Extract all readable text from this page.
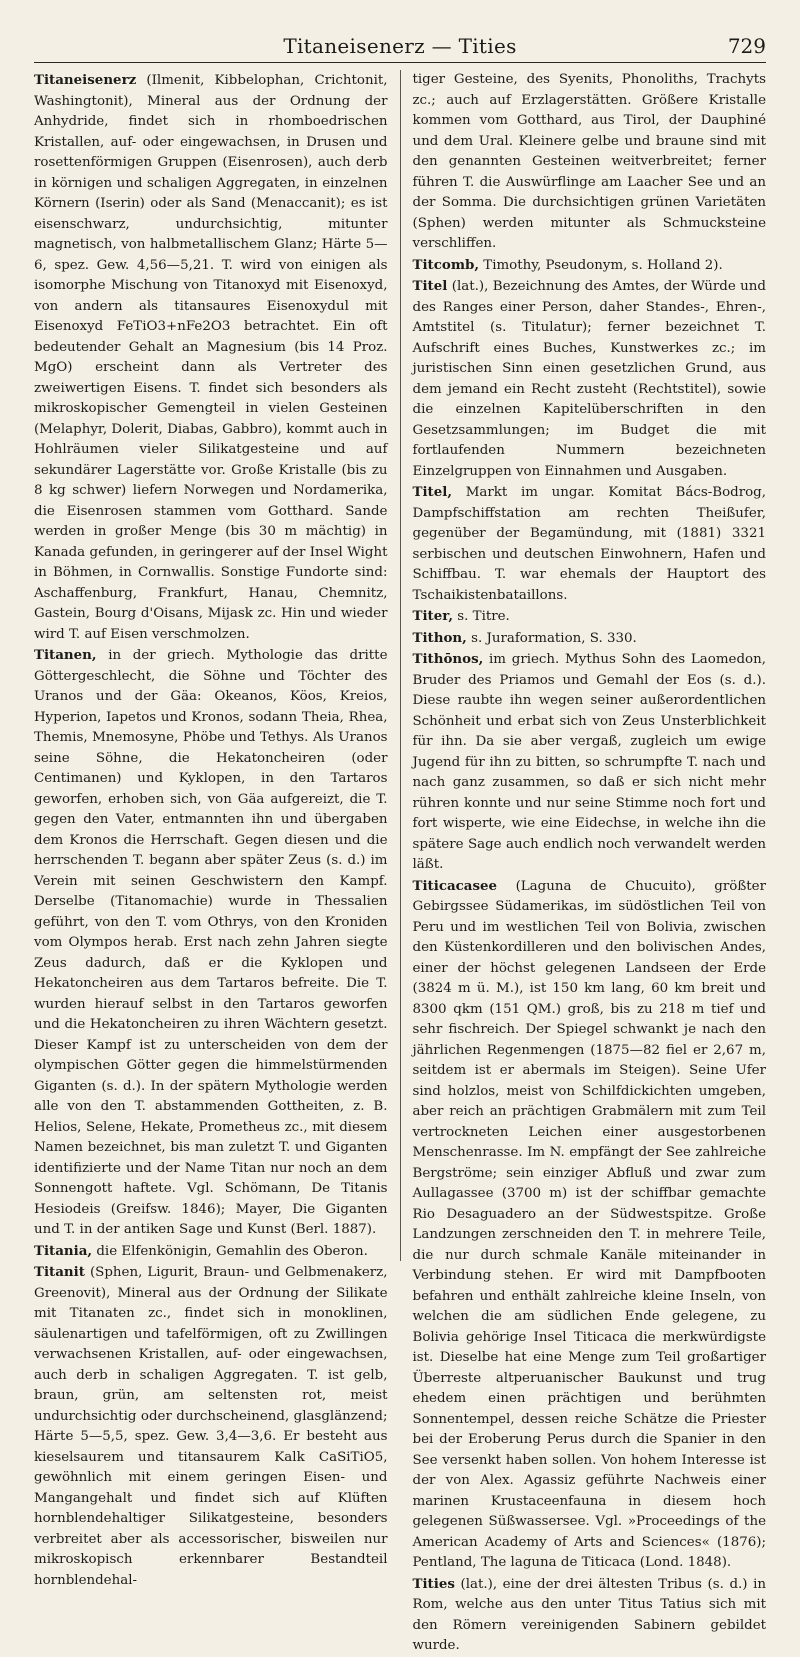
Titaneisenerz — Tities	729

Titaneisenerz (Ilmenit, Kibbelophan, Crichtonit, Washingtonit), Mineral aus der Ordnung der Anhydride, findet sich in rhomboedrischen Kristallen, auf- oder eingewachsen, in Drusen und rosettenförmigen Gruppen (Eisenrosen), auch derb in körnigen und schaligen Aggregaten, in einzelnen Körnern (Iserin) oder als Sand (Menaccanit); es ist eisenschwarz, undurchsichtig, mitunter magnetisch, von halbmetallischem Glanz; Härte 5—6, spez. Gew. 4,56—5,21. T. wird von einigen als isomorphe Mischung von Titanoxyd mit Eisenoxyd, von andern als titansaures Eisenoxydul mit Eisenoxyd FeTiO3+nFe2O3 betrachtet. Ein oft bedeutender Gehalt an Magnesium (bis 14 Proz. MgO) erscheint dann als Vertreter des zweiwertigen Eisens. T. findet sich besonders als mikroskopischer Gemengteil in vielen Gesteinen (Melaphyr, Dolerit, Diabas, Gabbro), kommt auch in Hohlräumen vieler Silikatgesteine und auf sekundärer Lagerstätte vor. Große Kristalle (bis zu 8 kg schwer) liefern Norwegen und Nordamerika, die Eisenrosen stammen vom Gotthard. Sande werden in großer Menge (bis 30 m mächtig) in Kanada gefunden, in geringerer auf der Insel Wight in Böhmen, in Cornwallis. Sonstige Fundorte sind: Aschaffenburg, Frankfurt, Hanau, Chemnitz, Gastein, Bourg d'Oisans, Mijask zc. Hin und wieder wird T. auf Eisen verschmolzen.

Titanen, in der griech. Mythologie das dritte Göttergeschlecht, die Söhne und Töchter des Uranos und der Gäa: Okeanos, Köos, Kreios, Hyperion, Iapetos und Kronos, sodann Theia, Rhea, Themis, Mnemosyne, Phöbe und Tethys. Als Uranos seine Söhne, die Hekatoncheiren (oder Centimanen) und Kyklopen, in den Tartaros geworfen, erhoben sich, von Gäa aufgereizt, die T. gegen den Vater, entmannten ihn und übergaben dem Kronos die Herrschaft. Gegen diesen und die herrschenden T. begann aber später Zeus (s. d.) im Verein mit seinen Geschwistern den Kampf. Derselbe (Titanomachie) wurde in Thessalien geführt, von den T. vom Othrys, von den Kroniden vom Olympos herab. Erst nach zehn Jahren siegte Zeus dadurch, daß er die Kyklopen und Hekatoncheiren aus dem Tartaros befreite. Die T. wurden hierauf selbst in den Tartaros geworfen und die Hekatoncheiren zu ihren Wächtern gesetzt. Dieser Kampf ist zu unterscheiden von dem der olympischen Götter gegen die himmelstürmenden Giganten (s. d.). In der spätern Mythologie werden alle von den T. abstammenden Gottheiten, z. B. Helios, Selene, Hekate, Prometheus zc., mit diesem Namen bezeichnet, bis man zuletzt T. und Giganten identifizierte und der Name Titan nur noch an dem Sonnengott haftete. Vgl. Schömann, De Titanis Hesiodeis (Greifsw. 1846); Mayer, Die Giganten und T. in der antiken Sage und Kunst (Berl. 1887).

Titania, die Elfenkönigin, Gemahlin des Oberon.

Titanit (Sphen, Ligurit, Braun- und Gelbmenakerz, Greenovit), Mineral aus der Ordnung der Silikate mit Titanaten zc., findet sich in monoklinen, säulenartigen und tafelförmigen, oft zu Zwillingen verwachsenen Kristallen, auf- oder eingewachsen, auch derb in schaligen Aggregaten. T. ist gelb, braun, grün, am seltensten rot, meist undurchsichtig oder durchscheinend, glasglänzend; Härte 5—5,5, spez. Gew. 3,4—3,6. Er besteht aus kieselsaurem und titansaurem Kalk CaSiTiO5, gewöhnlich mit einem geringen Eisen- und Mangangehalt und findet sich auf Klüften hornblendehaltiger Silikatgesteine, besonders verbreitet aber als accessorischer, bisweilen nur mikroskopisch erkennbarer Bestandteil hornblendehal-

tiger Gesteine, des Syenits, Phonoliths, Trachyts zc.; auch auf Erzlagerstätten. Größere Kristalle kommen vom Gotthard, aus Tirol, der Dauphiné und dem Ural. Kleinere gelbe und braune sind mit den genannten Gesteinen weitverbreitet; ferner führen T. die Auswürflinge am Laacher See und an der Somma. Die durchsichtigen grünen Varietäten (Sphen) werden mitunter als Schmucksteine verschliffen.

Titcomb, Timothy, Pseudonym, s. Holland 2).

Titel (lat.), Bezeichnung des Amtes, der Würde und des Ranges einer Person, daher Standes-, Ehren-, Amtstitel (s. Titulatur); ferner bezeichnet T. Aufschrift eines Buches, Kunstwerkes zc.; im juristischen Sinn einen gesetzlichen Grund, aus dem jemand ein Recht zusteht (Rechtstitel), sowie die einzelnen Kapitelüberschriften in den Gesetzsammlungen; im Budget die mit fortlaufenden Nummern bezeichneten Einzelgruppen von Einnahmen und Ausgaben.

Titel, Markt im ungar. Komitat Bács-Bodrog, Dampfschiffstation am rechten Theißufer, gegenüber der Begamündung, mit (1881) 3321 serbischen und deutschen Einwohnern, Hafen und Schiffbau. T. war ehemals der Hauptort des Tschaikistenbataillons.

Titer, s. Titre.

Tithon, s. Juraformation, S. 330.

Tithōnos, im griech. Mythus Sohn des Laomedon, Bruder des Priamos und Gemahl der Eos (s. d.). Diese raubte ihn wegen seiner außerordentlichen Schönheit und erbat sich von Zeus Unsterblichkeit für ihn. Da sie aber vergaß, zugleich um ewige Jugend für ihn zu bitten, so schrumpfte T. nach und nach ganz zusammen, so daß er sich nicht mehr rühren konnte und nur seine Stimme noch fort und fort wisperte, wie eine Eidechse, in welche ihn die spätere Sage auch endlich noch verwandelt werden läßt.

Titicacasee (Laguna de Chucuito), größter Gebirgssee Südamerikas, im südöstlichen Teil von Peru und im westlichen Teil von Bolivia, zwischen den Küstenkordilleren und den bolivischen Andes, einer der höchst gelegenen Landseen der Erde (3824 m ü. M.), ist 150 km lang, 60 km breit und 8300 qkm (151 QM.) groß, bis zu 218 m tief und sehr fischreich. Der Spiegel schwankt je nach den jährlichen Regenmengen (1875—82 fiel er 2,67 m, seitdem ist er abermals im Steigen). Seine Ufer sind holzlos, meist von Schilfdickichten umgeben, aber reich an prächtigen Grabmälern mit zum Teil vertrockneten Leichen einer ausgestorbenen Menschenrasse. Im N. empfängt der See zahlreiche Bergströme; sein einziger Abfluß und zwar zum Aullagassee (3700 m) ist der schiffbar gemachte Rio Desaguadero an der Südwestspitze. Große Landzungen zerschneiden den T. in mehrere Teile, die nur durch schmale Kanäle miteinander in Verbindung stehen. Er wird mit Dampfbooten befahren und enthält zahlreiche kleine Inseln, von welchen die am südlichen Ende gelegene, zu Bolivia gehörige Insel Titicaca die merkwürdigste ist. Dieselbe hat eine Menge zum Teil großartiger Überreste altperuanischer Baukunst und trug ehedem einen prächtigen und berühmten Sonnentempel, dessen reiche Schätze die Priester bei der Eroberung Perus durch die Spanier in den See versenkt haben sollen. Von hohem Interesse ist der von Alex. Agassiz geführte Nachweis einer marinen Krustaceenfauna in diesem hoch gelegenen Süßwassersee. Vgl. »Proceedings of the American Academy of Arts and Sciences« (1876); Pentland, The laguna de Titicaca (Lond. 1848).

Tities (lat.), eine der drei ältesten Tribus (s. d.) in Rom, welche aus den unter Titus Tatius sich mit den Römern vereinigenden Sabinern gebildet wurde.
